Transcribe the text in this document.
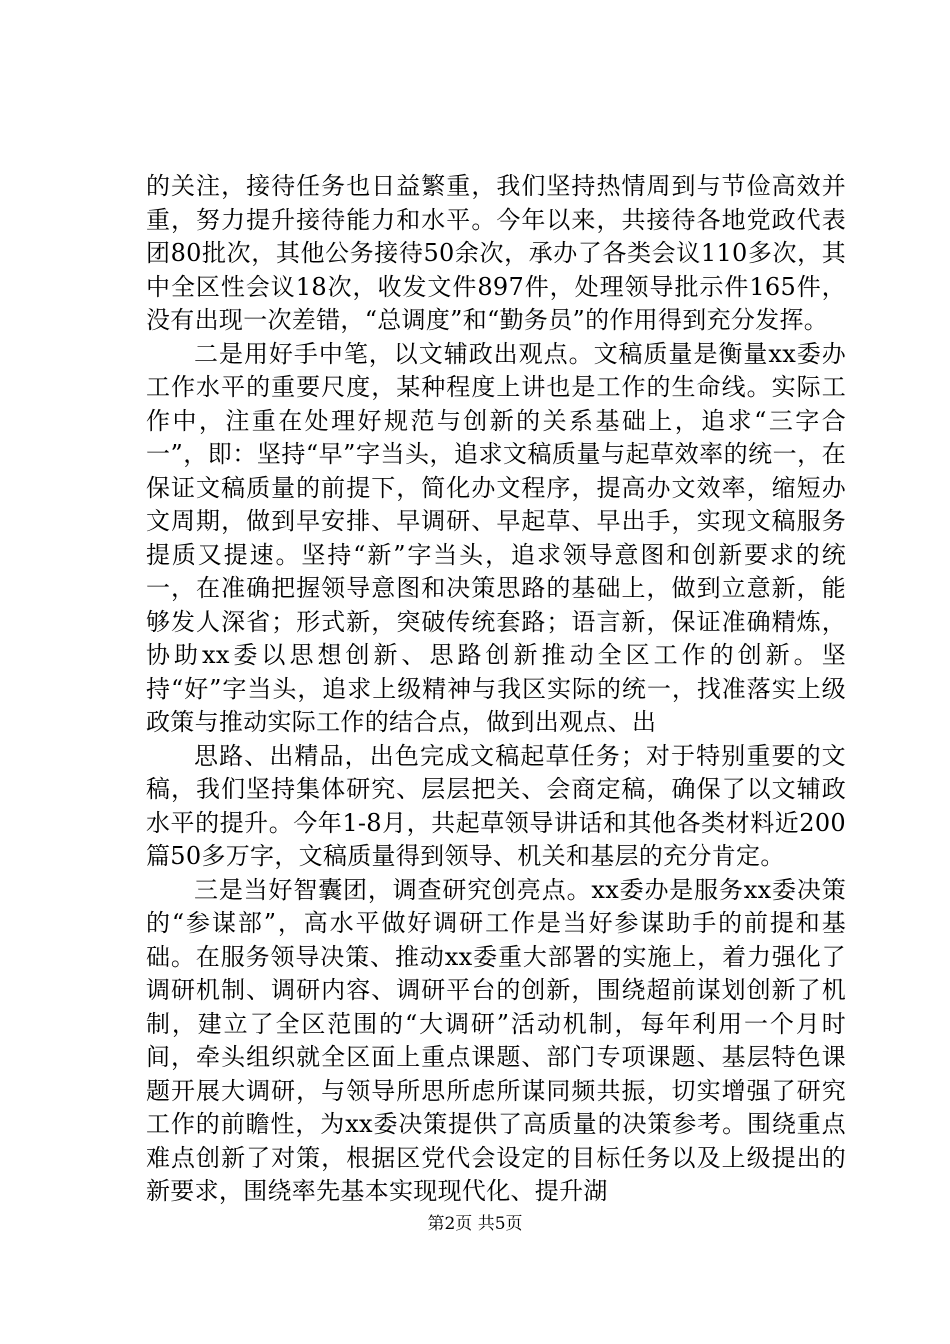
的关注，接待任务也日益繁重，我们坚持热情周到与节俭高效并重，努力提升接待能力和水平。今年以来，共接待各地党政代表团80批次，其他公务接待50余次，承办了各类会议110多次，其中全区性会议18次，收发文件897件，处理领导批示件165件，没有出现一次差错，“总调度”和“勤务员”的作用得到充分发挥。

二是用好手中笔，以文辅政出观点。文稿质量是衡量xx委办工作水平的重要尺度，某种程度上讲也是工作的生命线。实际工作中，注重在处理好规范与创新的关系基础上，追求“三字合一”，即：坚持“早”字当头，追求文稿质量与起草效率的统一，在保证文稿质量的前提下，简化办文程序，提高办文效率，缩短办文周期，做到早安排、早调研、早起草、早出手，实现文稿服务提质又提速。坚持“新”字当头，追求领导意图和创新要求的统一，在准确把握领导意图和决策思路的基础上，做到立意新，能够发人深省；形式新，突破传统套路；语言新，保证准确精炼，协助xx委以思想创新、思路创新推动全区工作的创新。坚持“好”字当头，追求上级精神与我区实际的统一，找准落实上级政策与推动实际工作的结合点，做到出观点、出

思路、出精品，出色完成文稿起草任务；对于特别重要的文稿，我们坚持集体研究、层层把关、会商定稿，确保了以文辅政水平的提升。今年1-8月，共起草领导讲话和其他各类材料近200篇50多万字，文稿质量得到领导、机关和基层的充分肯定。

三是当好智囊团，调查研究创亮点。xx委办是服务xx委决策的“参谋部”，高水平做好调研工作是当好参谋助手的前提和基础。在服务领导决策、推动xx委重大部署的实施上，着力强化了调研机制、调研内容、调研平台的创新，围绕超前谋划创新了机制，建立了全区范围的“大调研”活动机制，每年利用一个月时间，牵头组织就全区面上重点课题、部门专项课题、基层特色课题开展大调研，与领导所思所虑所谋同频共振，切实增强了研究工作的前瞻性，为xx委决策提供了高质量的决策参考。围绕重点难点创新了对策，根据区党代会设定的目标任务以及上级提出的新要求，围绕率先基本实现现代化、提升湖

第2页 共5页
